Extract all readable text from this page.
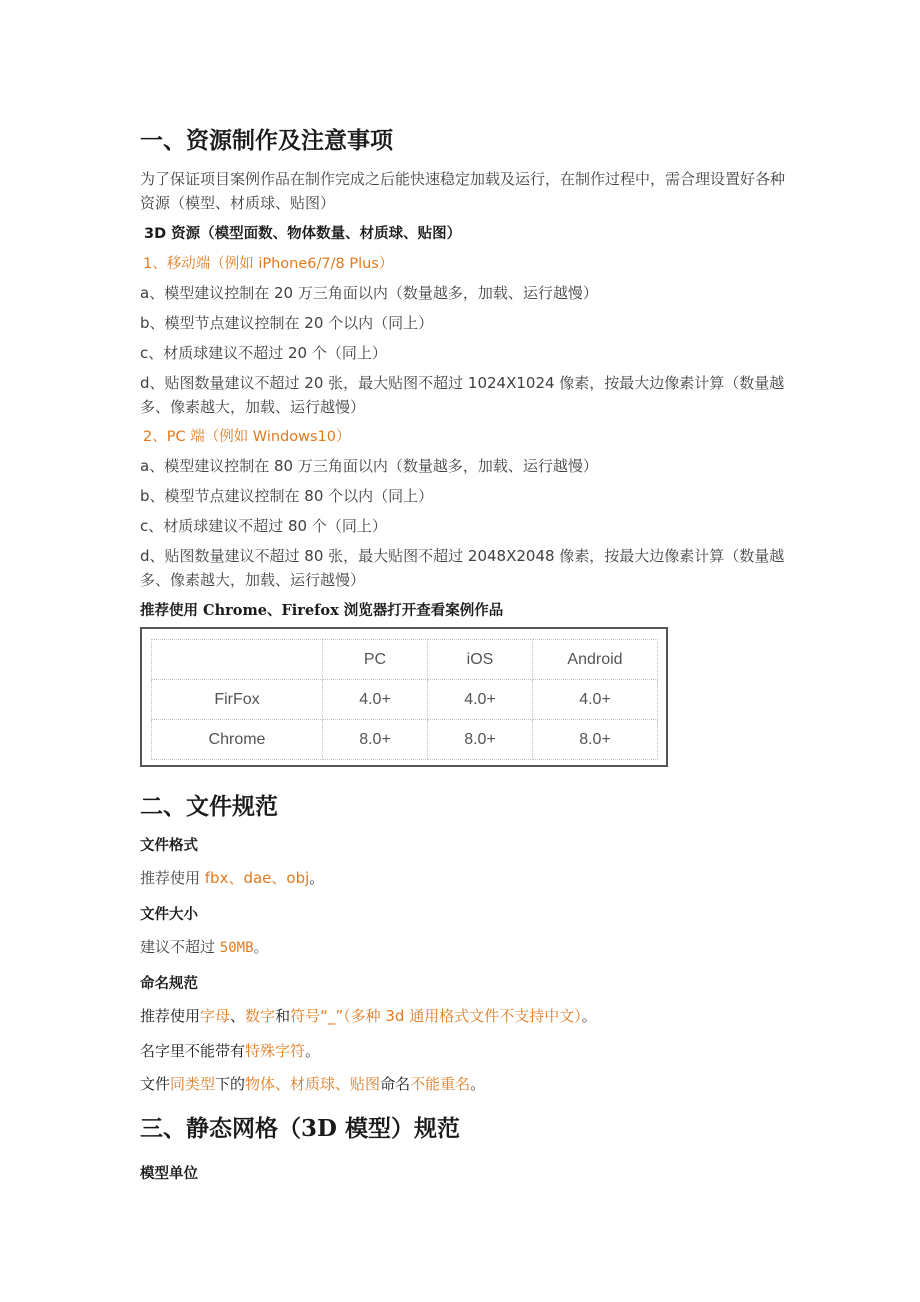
一、资源制作及注意事项
为了保证项目案例作品在制作完成之后能快速稳定加载及运行，在制作过程中，需合理设置好各种资源（模型、材质球、贴图）
3D 资源（模型面数、物体数量、材质球、贴图）
1、移动端（例如 iPhone6/7/8 Plus）
a、模型建议控制在 20 万三角面以内（数量越多，加载、运行越慢）
b、模型节点建议控制在 20 个以内（同上）
c、材质球建议不超过 20 个（同上）
d、贴图数量建议不超过 20 张，最大贴图不超过 1024X1024 像素，按最大边像素计算（数量越多、像素越大，加载、运行越慢）
2、PC 端（例如 Windows10）
a、模型建议控制在 80 万三角面以内（数量越多，加载、运行越慢）
b、模型节点建议控制在 80 个以内（同上）
c、材质球建议不超过 80 个（同上）
d、贴图数量建议不超过 80 张，最大贴图不超过 2048X2048 像素，按最大边像素计算（数量越多、像素越大，加载、运行越慢）
推荐使用 Chrome、Firefox 浏览器打开查看案例作品
	PC	iOS	Android
FirFox	4.0+	4.0+	4.0+
Chrome	8.0+	8.0+	8.0+
二、文件规范
文件格式
推荐使用 fbx、dae、obj。
文件大小
建议不超过 50MB。
命名规范
推荐使用字母、数字和符号“_”（多种 3d 通用格式文件不支持中文）。
名字里不能带有特殊字符。
文件同类型下的物体、材质球、贴图命名不能重名。
三、静态网格（3D 模型）规范
模型单位
